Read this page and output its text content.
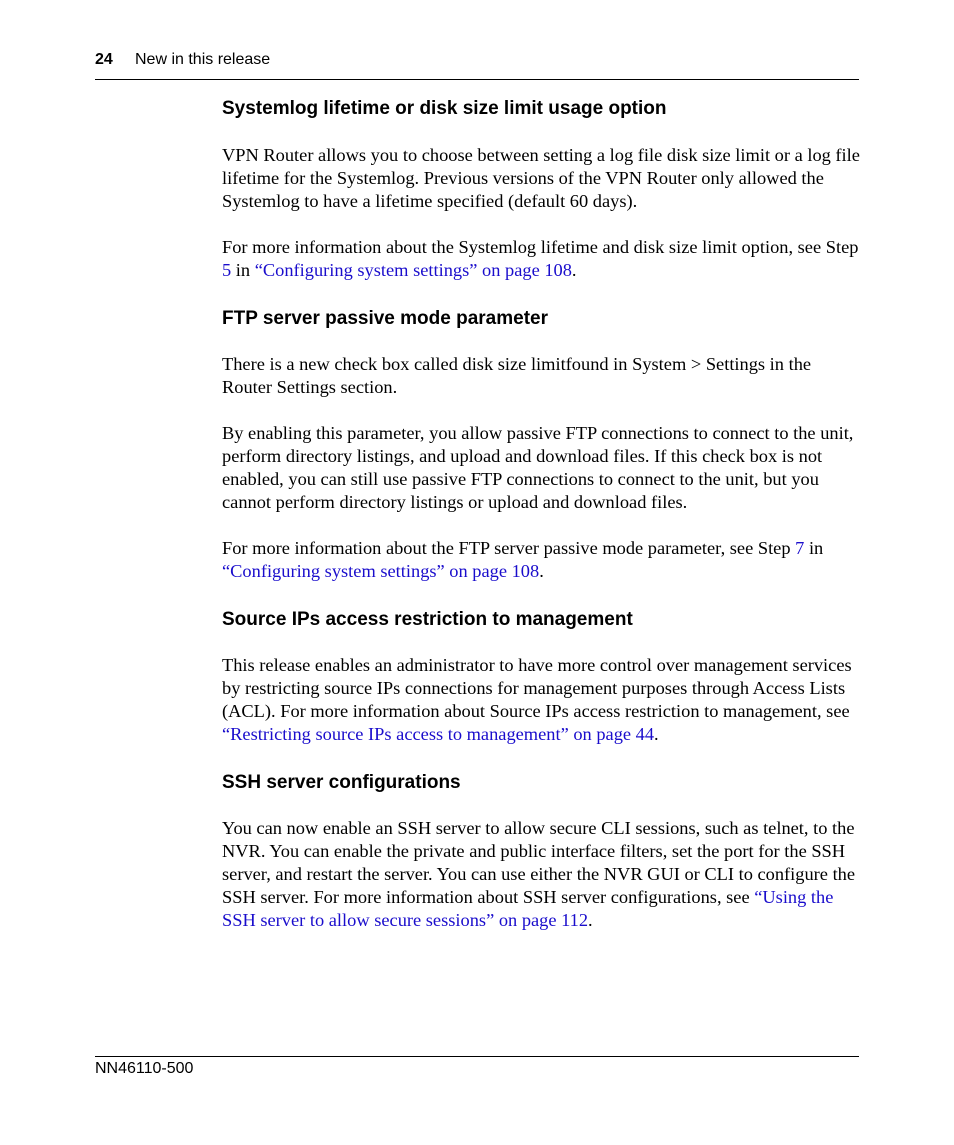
24 New in this release
Systemlog lifetime or disk size limit usage option

VPN Router allows you to choose between setting a log file disk size limit or a log file lifetime for the Systemlog. Previous versions of the VPN Router only allowed the Systemlog to have a lifetime specified (default 60 days).

For more information about the Systemlog lifetime and disk size limit option, see Step 5 in “Configuring system settings” on page 108.

FTP server passive mode parameter

There is a new check box called disk size limitfound in System > Settings in the Router Settings section.

By enabling this parameter, you allow passive FTP connections to connect to the unit, perform directory listings, and upload and download files. If this check box is not enabled, you can still use passive FTP connections to connect to the unit, but you cannot perform directory listings or upload and download files.

For more information about the FTP server passive mode parameter, see Step 7 in “Configuring system settings” on page 108.

Source IPs access restriction to management

This release enables an administrator to have more control over management services by restricting source IPs connections for management purposes through Access Lists (ACL). For more information about Source IPs access restriction to management, see “Restricting source IPs access to management” on page 44.

SSH server configurations

You can now enable an SSH server to allow secure CLI sessions, such as telnet, to the NVR. You can enable the private and public interface filters, set the port for the SSH server, and restart the server. You can use either the NVR GUI or CLI to configure the SSH server. For more information about SSH server configurations, see “Using the SSH server to allow secure sessions” on page 112.

NN46110-500
